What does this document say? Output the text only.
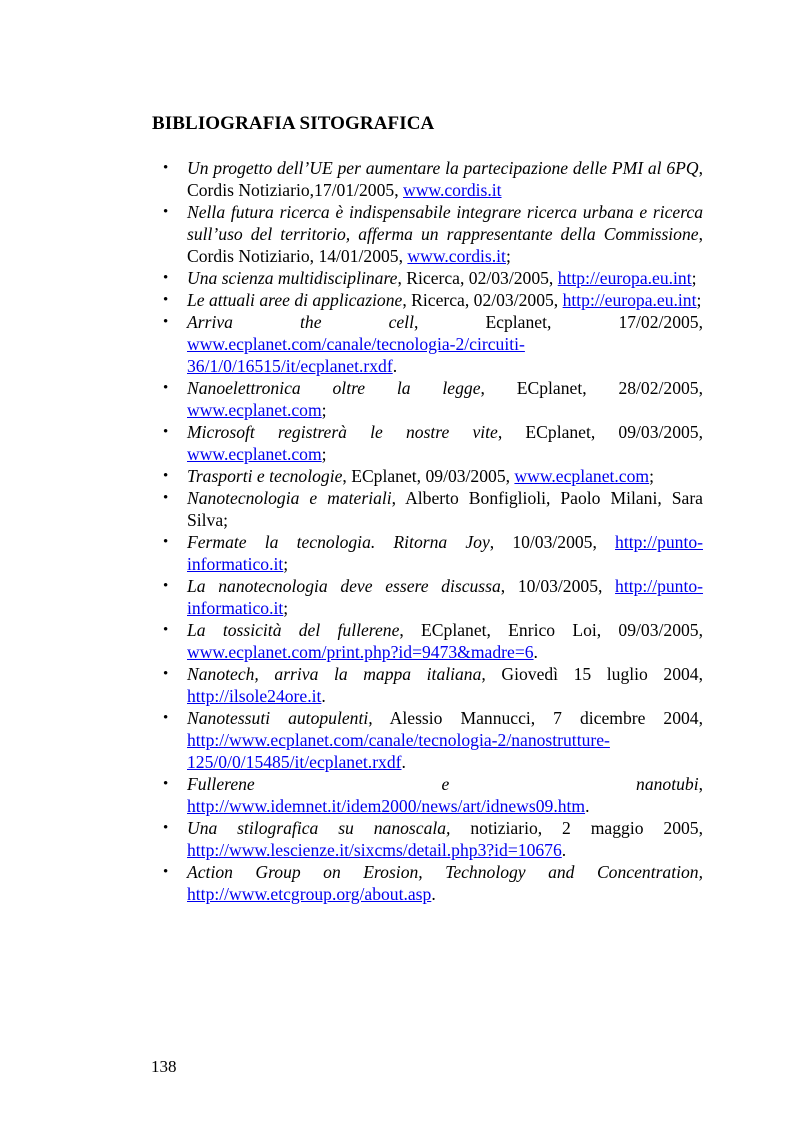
BIBLIOGRAFIA SITOGRAFICA
• Un progetto dell’UE per aumentare la partecipazione delle PMI al 6PQ, Cordis Notiziario,17/01/2005, www.cordis.it
• Nella futura ricerca è indispensabile integrare ricerca urbana e ricerca sull’uso del territorio, afferma un rappresentante della Commissione, Cordis Notiziario, 14/01/2005, www.cordis.it;
• Una scienza multidisciplinare, Ricerca, 02/03/2005, http://europa.eu.int;
• Le attuali aree di applicazione, Ricerca, 02/03/2005, http://europa.eu.int;
• Arriva the cell, Ecplanet, 17/02/2005, www.ecplanet.com/canale/tecnologia-2/circuiti-36/1/0/16515/it/ecplanet.rxdf.
• Nanoelettronica oltre la legge, ECplanet, 28/02/2005, www.ecplanet.com;
• Microsoft registrerà le nostre vite, ECplanet, 09/03/2005, www.ecplanet.com;
• Trasporti e tecnologie, ECplanet, 09/03/2005, www.ecplanet.com;
• Nanotecnologia e materiali, Alberto Bonfiglioli, Paolo Milani, Sara Silva;
• Fermate la tecnologia. Ritorna Joy, 10/03/2005, http://punto-informatico.it;
• La nanotecnologia deve essere discussa, 10/03/2005, http://punto-informatico.it;
• La tossicità del fullerene, ECplanet, Enrico Loi, 09/03/2005, www.ecplanet.com/print.php?id=9473&madre=6.
• Nanotech, arriva la mappa italiana, Giovedì 15 luglio 2004, http://ilsole24ore.it.
• Nanotessuti autopulenti, Alessio Mannucci, 7 dicembre 2004, http://www.ecplanet.com/canale/tecnologia-2/nanostrutture-125/0/0/15485/it/ecplanet.rxdf.
• Fullerene e nanotubi, http://www.idemnet.it/idem2000/news/art/idnews09.htm.
• Una stilografica su nanoscala, notiziario, 2 maggio 2005, http://www.lescienze.it/sixcms/detail.php3?id=10676.
• Action Group on Erosion, Technology and Concentration, http://www.etcgroup.org/about.asp.
138
